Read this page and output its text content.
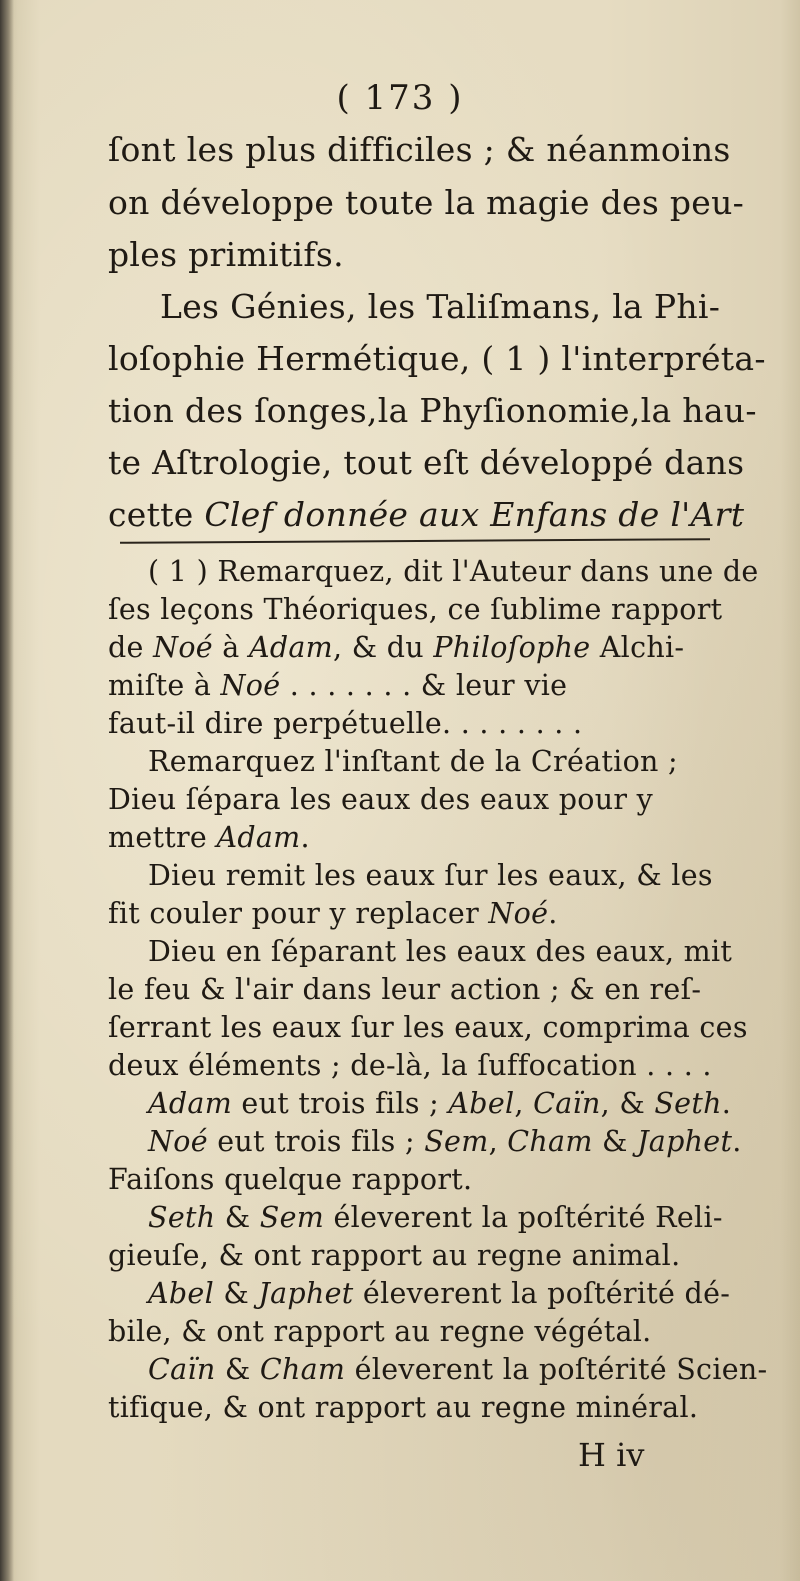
( 173 )
ſont les plus difficiles ; & néanmoins
on développe toute la magie des peu-
ples primitifs.
Les Génies, les Taliſmans, la Phi-
loſophie Hermétique, ( 1 ) l'interpréta-
tion des ſonges,la Phyſionomie,la hau-
te Aſtrologie, tout eſt développé dans
cette Clef donnée aux Enfans de l'Art
( 1 ) Remarquez, dit l'Auteur dans une de
ſes leçons Théoriques, ce ſublime rapport
de Noé à Adam, & du Philoſophe Alchi-
miſte à Noé . . . . . . . & leur vie
faut-il dire perpétuelle. . . . . . . .
Remarquez l'inſtant de la Création ;
Dieu ſépara les eaux des eaux pour y
mettre Adam.
Dieu remit les eaux ſur les eaux, & les
fit couler pour y replacer Noé.
Dieu en ſéparant les eaux des eaux, mit
le feu & l'air dans leur action ; & en reſ-
ſerrant les eaux ſur les eaux, comprima ces
deux éléments ; de-là, la ſuffocation . . . .
Adam eut trois fils ; Abel, Caïn, & Seth.
Noé eut trois fils ; Sem, Cham & Japhet.
Faiſons quelque rapport.
Seth & Sem éleverent la poſtérité Reli-
gieuſe, & ont rapport au regne animal.
Abel & Japhet éleverent la poſtérité dé-
bile, & ont rapport au regne végétal.
Caïn & Cham éleverent la poſtérité Scien-
tifique, & ont rapport au regne minéral.
H iv
